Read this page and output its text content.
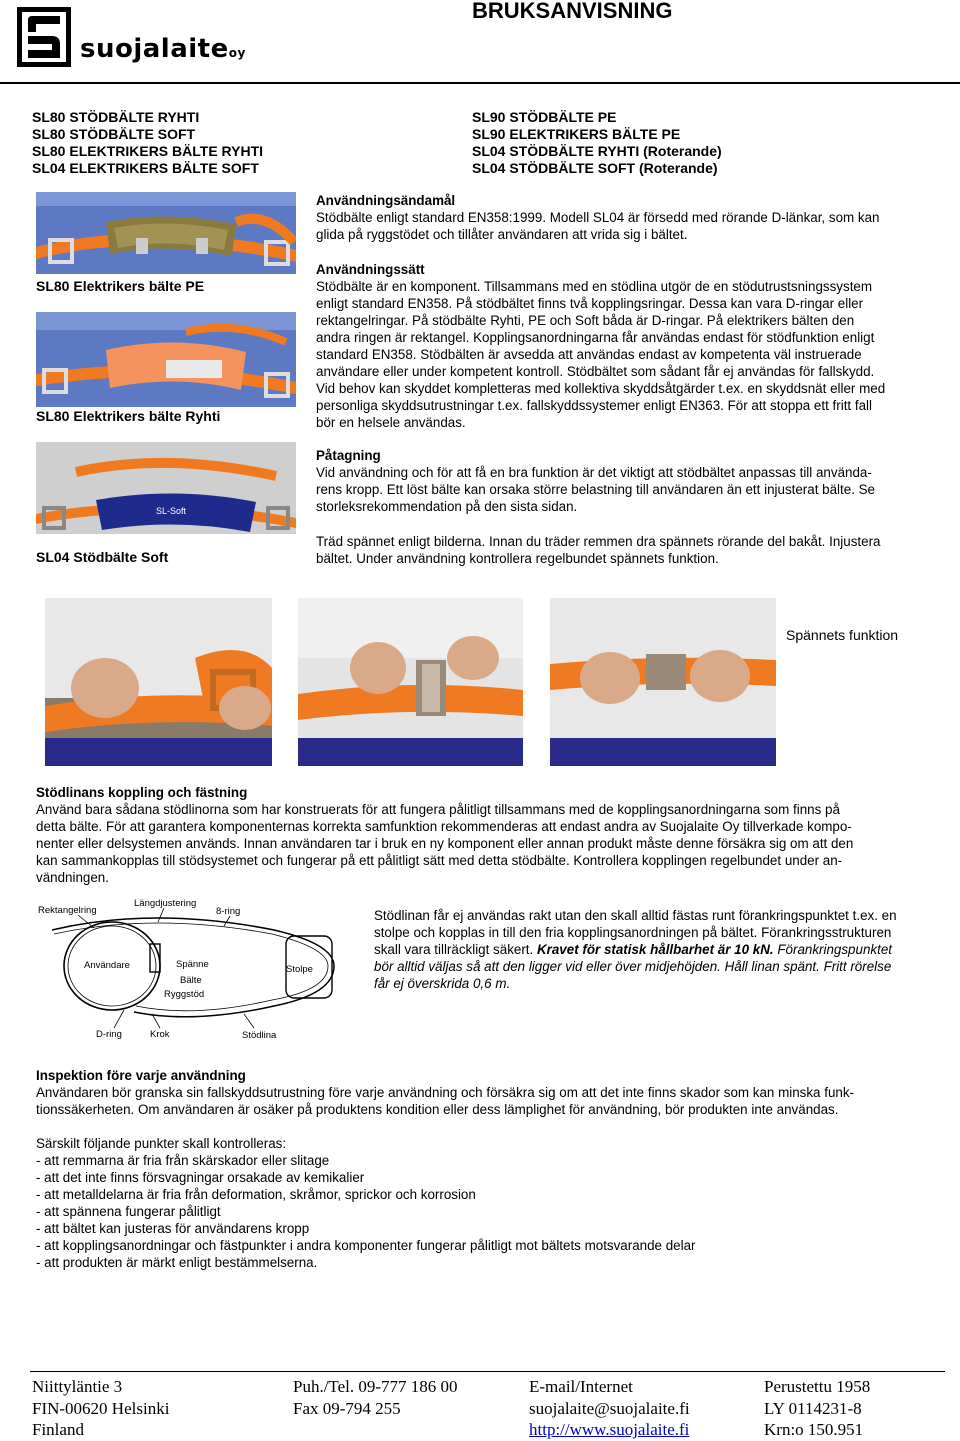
suojalaiteoy
BRUKSANVISNING
SL80 STÖDBÄLTE RYHTI
SL80 STÖDBÄLTE SOFT
SL80 ELEKTRIKERS BÄLTE RYHTI
SL04 ELEKTRIKERS BÄLTE SOFT
SL90 STÖDBÄLTE PE
SL90 ELEKTRIKERS BÄLTE PE
SL04 STÖDBÄLTE RYHTI (Roterande)
SL04 STÖDBÄLTE SOFT (Roterande)
SL80 Elektrikers bälte PE
SL80 Elektrikers bälte Ryhti
SL-Soft
SL04 Stödbälte Soft
Användningsändamål
Stödbälte enligt standard EN358:1999. Modell SL04 är försedd med rörande D-länkar, som kan
glida på ryggstödet och tillåter användaren att vrida sig i bältet.
Användningssätt
Stödbälte är en komponent. Tillsammans med en stödlina utgör de en stödutrustsningssystem
enligt standard EN358. På stödbältet finns två kopplingsringar. Dessa kan vara D-ringar eller
rektangelringar. På stödbälte Ryhti, PE och Soft båda är D-ringar. På elektrikers bälten den
andra ringen är rektangel. Kopplingsanordningarna får användas endast för stödfunktion enligt
standard EN358. Stödbälten är avsedda att användas endast av kompetenta väl instruerade
användare eller under kompetent kontroll. Stödbältet som sådant får ej användas för fallskydd.
Vid behov kan skyddet kompletteras med kollektiva skyddsåtgärder t.ex. en skyddsnät eller med
personliga skyddsutrustningar t.ex. fallskyddssystemer enligt EN363. För att stoppa ett fritt fall
bör en helsele användas.
Påtagning
Vid användning och för att få en bra funktion är det viktigt att stödbältet anpassas till använda-
rens kropp. Ett löst bälte kan orsaka större belastning till användaren än ett injusterat bälte. Se
storleksrekommendation på den sista sidan.
Träd spännet enligt bilderna. Innan du träder remmen dra spännets rörande del bakåt. Injustera
bältet. Under användning kontrollera regelbundet spännets funktion.
Spännets funktion
Stödlinans koppling och fästning
Använd bara sådana stödlinorna som har konstruerats för att fungera pålitligt tillsammans med de kopplingsanordningarna som finns på
detta bälte. För att garantera komponenternas korrekta samfunktion rekommenderas att endast andra av Suojalaite Oy tillverkade kompo-
nenter eller delsystemen används. Innan användaren tar i bruk en ny komponent eller annan produkt måste denne försäkra sig om att den
kan sammankopplas till stödsystemet och fungerar på ett pålitligt sätt med detta stödbälte. Kontrollera kopplingen regelbundet under an-
vändningen.
Längdjustering
Rektangelring	8-ring
Användare	Spänne
Bälte
Ryggstöd
Stolpe
D-ring	Krok	Stödlina
Stödlinan får ej användas rakt utan den skall alltid fästas runt förankringspunktet t.ex. en
stolpe och kopplas in till den fria kopplingsanordningen på bältet. Förankringsstrukturen
skall vara tillräckligt säkert. Kravet för statisk hållbarhet är 10 kN. Förankringspunktet
bör alltid väljas så att den ligger vid eller över midjehöjden. Håll linan spänt. Fritt rörelse
får ej överskrida 0,6 m.
Inspektion före varje användning
Användaren bör granska sin fallskyddsutrustning före varje användning och försäkra sig om att det inte finns skador som kan minska funk-
tionssäkerheten. Om användaren är osäker på produktens kondition eller dess lämplighet för användning, bör produkten inte användas.
Särskilt följande punkter skall kontrolleras:
- att remmarna är fria från skärskador eller slitage
- att det inte finns försvagningar orsakade av kemikalier
- att metalldelarna är fria från deformation, skråmor, sprickor och korrosion
- att spännena fungerar pålitligt
- att bältet kan justeras för användarens kropp
- att kopplingsanordningar och fästpunkter i andra komponenter fungerar pålitligt mot bältets motsvarande delar
- att produkten är märkt enligt bestämmelserna.
Niittyläntie 3
FIN-00620 Helsinki
Finland
Puh./Tel. 09-777 186 00
Fax 09-794 255
E-mail/Internet
suojalaite@suojalaite.fi
http://www.suojalaite.fi
Perustettu 1958
LY 0114231-8
Krn:o 150.951
